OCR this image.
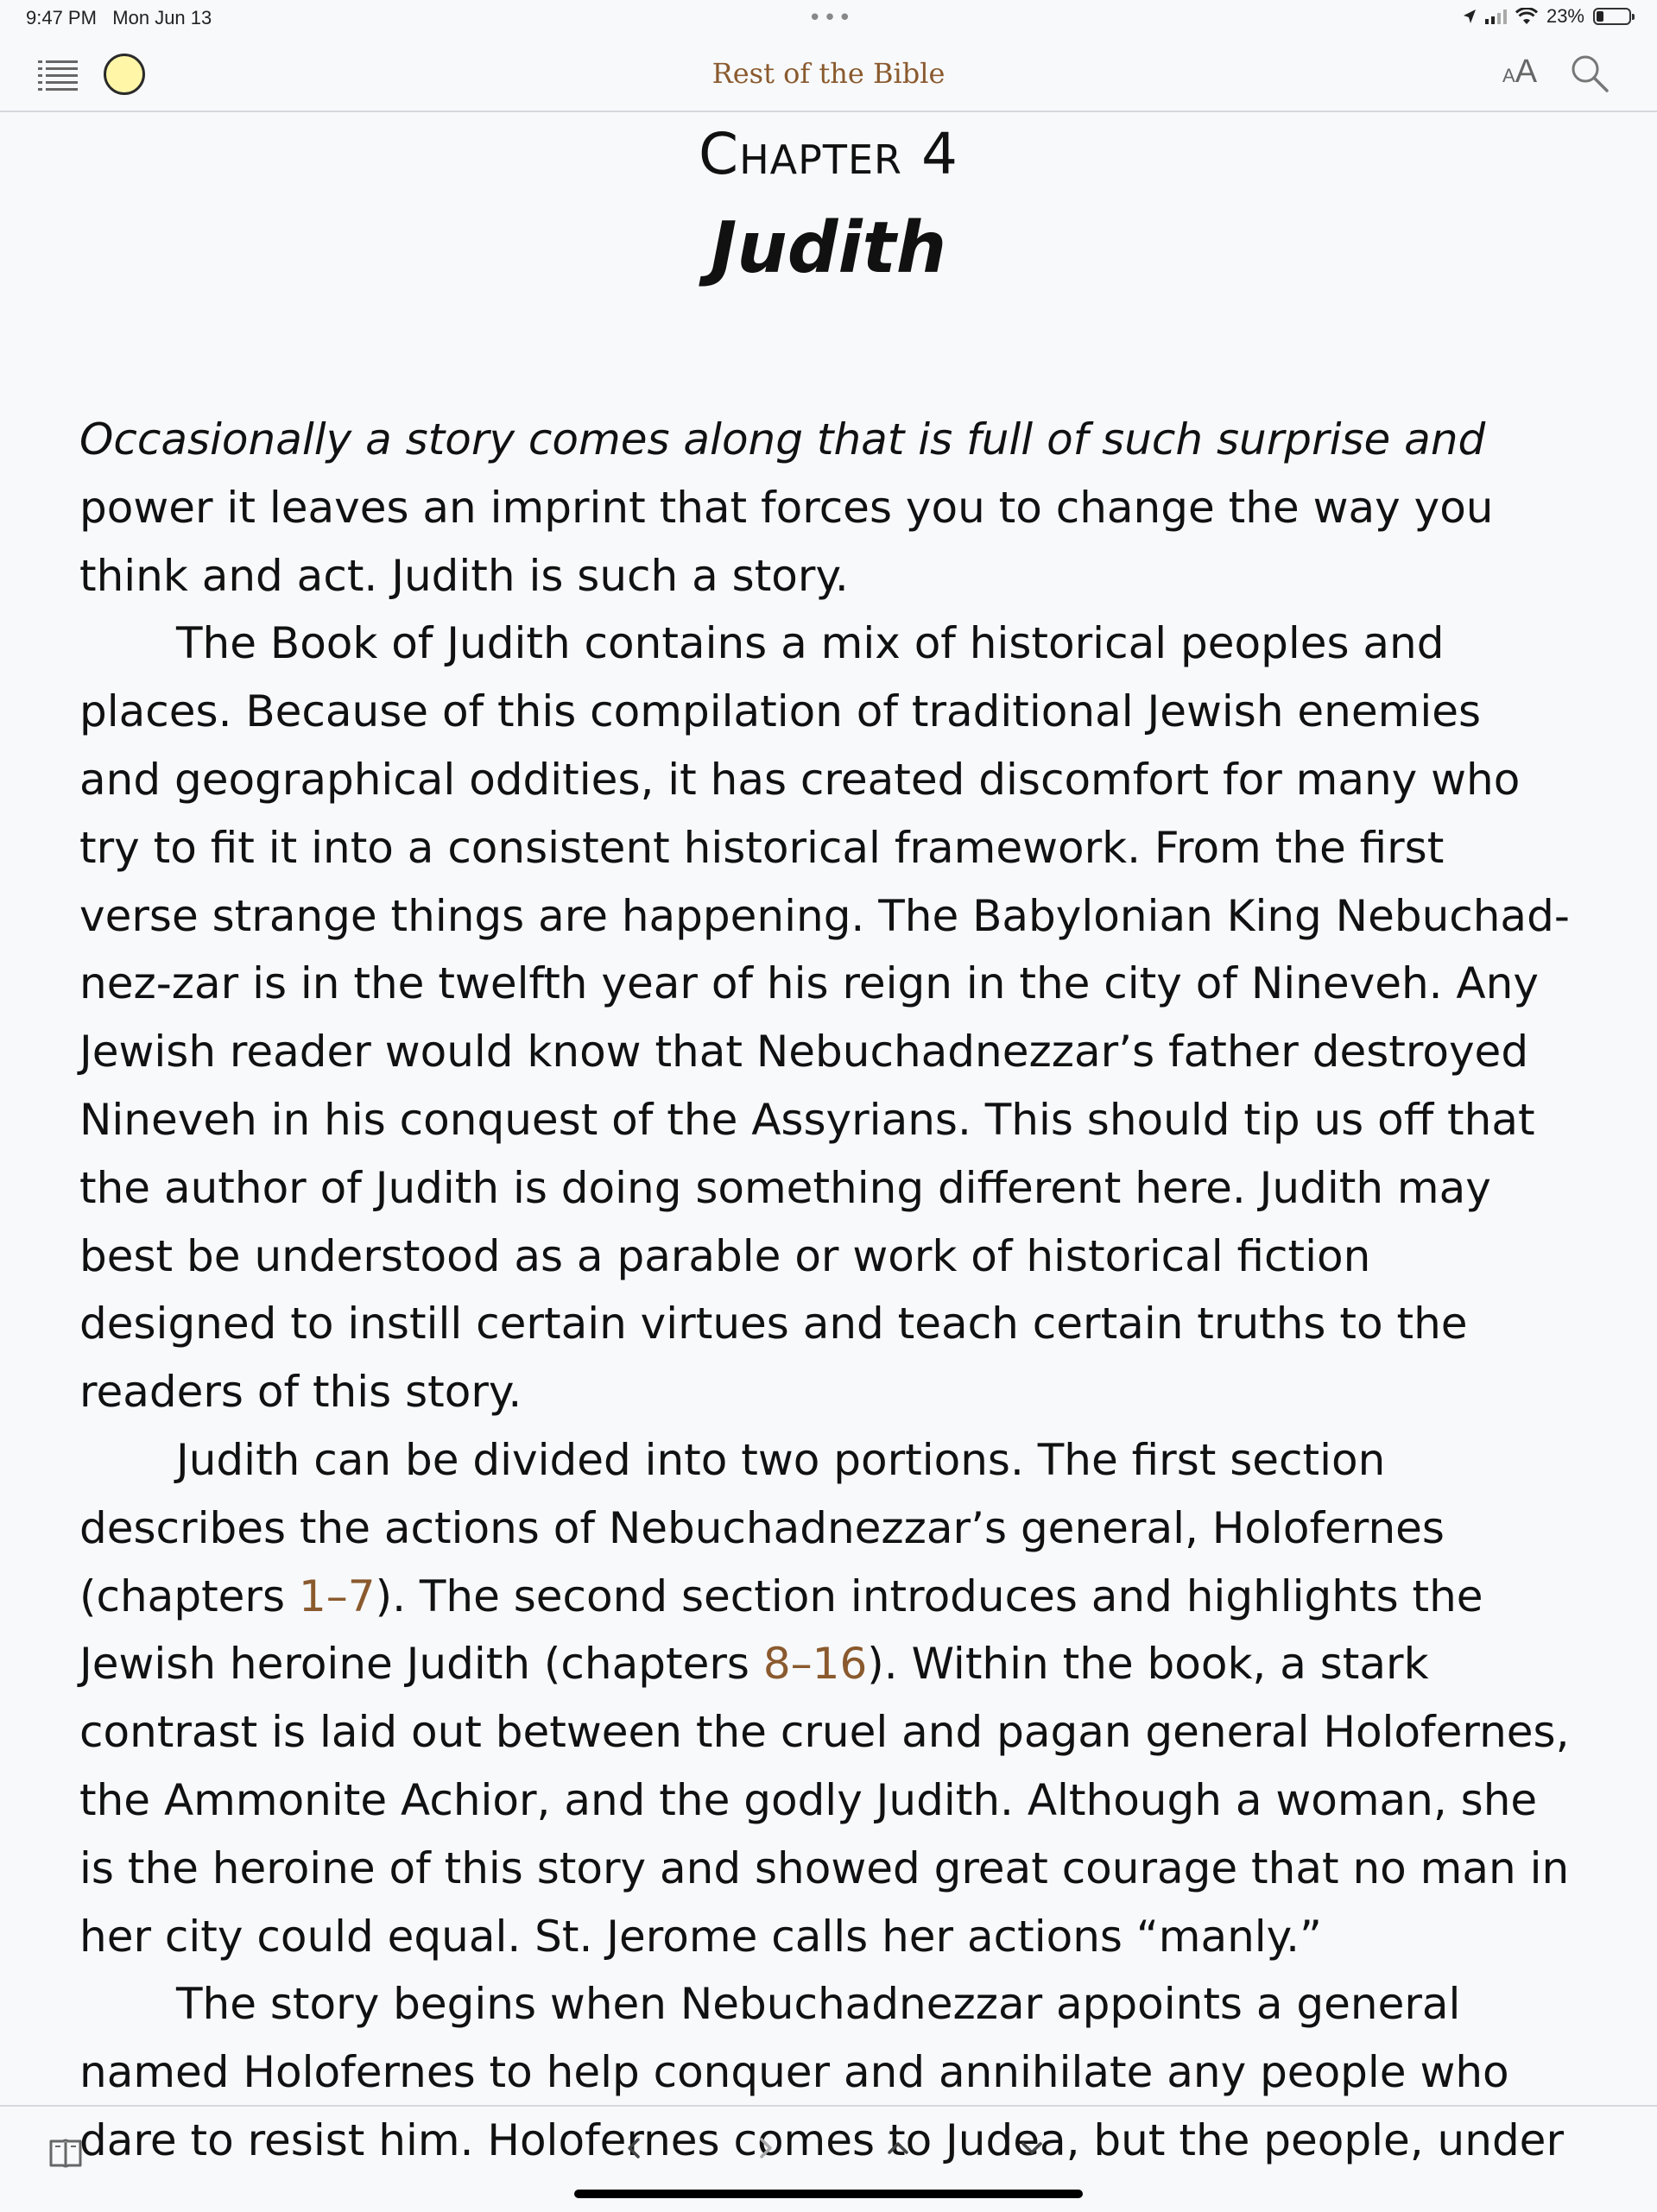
9:47 PM Mon Jun 13	•••	23%
Rest of the Bible	AA
Chapter 4
Judith

Occasionally a story comes along that is full of such surprise and power it leaves an imprint that forces you to change the way you think and act. Judith is such a story.

The Book of Judith contains a mix of historical peoples and places. Because of this compilation of traditional Jewish enemies and geographical oddities, it has created discomfort for many who try to fit it into a consistent historical framework. From the first verse strange things are happening. The Babylonian King Nebuchad-nez-zar is in the twelfth year of his reign in the city of Nineveh. Any Jewish reader would know that Nebuchadnezzar’s father destroyed Nineveh in his conquest of the Assyrians. This should tip us off that the author of Judith is doing something different here. Judith may best be understood as a parable or work of historical fiction designed to instill certain virtues and teach certain truths to the readers of this story.

Judith can be divided into two portions. The first section describes the actions of Nebuchadnezzar’s general, Holofernes (chapters 1–7). The second section introduces and highlights the Jewish heroine Judith (chapters 8–16). Within the book, a stark contrast is laid out between the cruel and pagan general Holofernes, the Ammonite Achior, and the godly Judith. Although a woman, she is the heroine of this story and showed great courage that no man in her city could equal. St. Jerome calls her actions “manly.”

The story begins when Nebuchadnezzar appoints a general named Holofernes to help conquer and annihilate any people who dare to resist him. Holofernes comes to Judea, but the people, under
